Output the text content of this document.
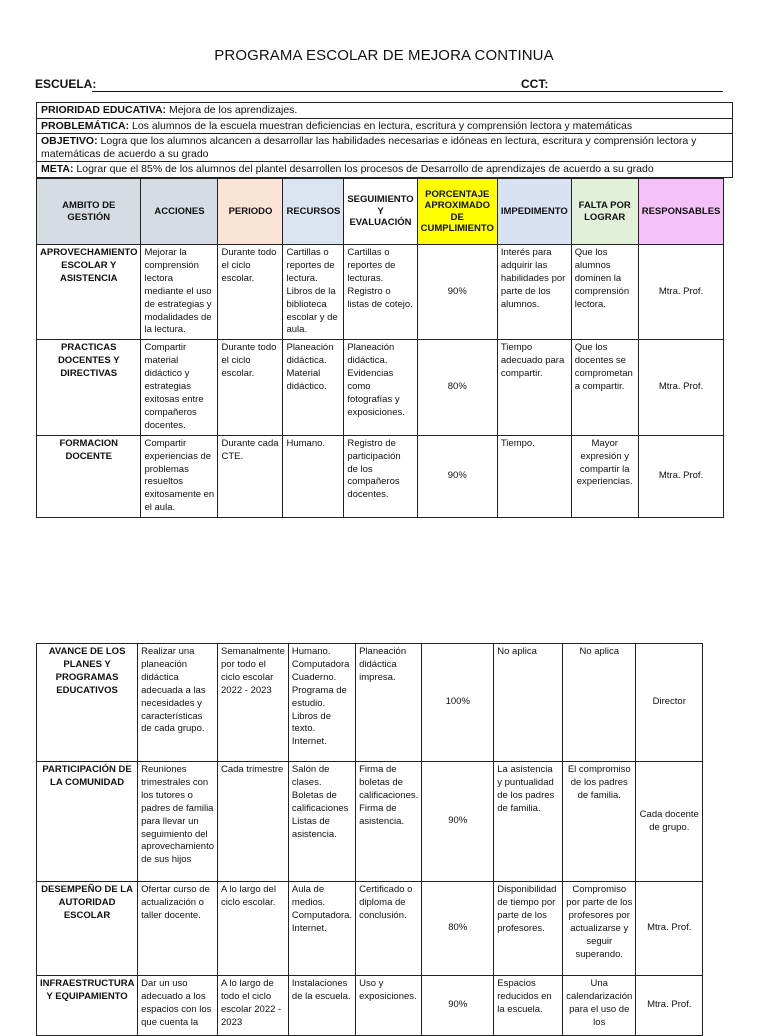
PROGRAMA ESCOLAR DE MEJORA CONTINUA
ESCUELA:	CCT:
PRIORIDAD EDUCATIVA: Mejora de los aprendizajes.
PROBLEMÁTICA: Los alumnos de la escuela muestran deficiencias en lectura, escritura y comprensión lectora y matemáticas
OBJETIVO: Logra que los alumnos alcancen a desarrollar las habilidades necesarias e idóneas en lectura, escritura y comprensión lectora y matemáticas de acuerdo a su grado
META: Lograr que el 85% de los alumnos del plantel desarrollen los procesos de Desarrollo de aprendizajes de acuerdo a su grado
AMBITO DE GESTIÓN	ACCIONES	PERIODO	RECURSOS	SEGUIMIENTO Y EVALUACIÓN	PORCENTAJE APROXIMADO DE CUMPLIMIENTO	IMPEDIMENTO	FALTA POR LOGRAR	RESPONSABLES
APROVECHAMIENTO ESCOLAR Y ASISTENCIA	Mejorar la comprensión lectora mediante el uso de estrategias y modalidades de la lectura.	Durante todo el ciclo escolar.	Cartillas o reportes de lectura. Libros de la biblioteca escolar y de aula.	Cartillas o reportes de lecturas. Registro o listas de cotejo.	90%	Interés para adquirir las habilidades por parte de los alumnos.	Que los alumnos dominen la comprensión lectora.	Mtra. Prof.
PRACTICAS DOCENTES Y DIRECTIVAS	Compartir material didáctico y estrategias exitosas entre compañeros docentes.	Durante todo el ciclo escolar.	Planeación didáctica. Material didáctico.	Planeación didáctica. Evidencias como fotografías y exposiciones.	80%	Tiempo adecuado para compartir.	Que los docentes se comprometan a compartir.	Mtra. Prof.
FORMACION DOCENTE	Compartir experiencias de problemas resueltos exitosamente en el aula.	Durante cada CTE.	Humano.	Registro de participación de los compañeros docentes.	90%	Tiempo.	Mayor expresión y compartir la experiencias.	Mtra. Prof.
AVANCE DE LOS PLANES Y PROGRAMAS EDUCATIVOS	Realizar una planeación didáctica adecuada a las necesidades y características de cada grupo.	Semanalmente por todo el ciclo escolar 2022 - 2023	Humano. Computadora Cuaderno. Programa de estudio. Libros de texto. Internet.	Planeación didáctica impresa.	100%	No aplica	No aplica	Director
PARTICIPACIÓN DE LA COMUNIDAD	Reuniones trimestrales con los tutores o padres de familia para llevar un seguimiento del aprovechamiento de sus hijos	Cada trimestre	Salón de clases. Boletas de calificaciones Listas de asistencia.	Firma de boletas de calificaciones. Firma de asistencia.	90%	La asistencia y puntualidad de los padres de familia.	El compromiso de los padres de familia.	Cada docente de grupo.
DESEMPEÑO DE LA AUTORIDAD ESCOLAR	Ofertar curso de actualización o taller docente.	A lo largo del ciclo escolar.	Aula de medios. Computadora. Internet.	Certificado o diploma de conclusión.	80%	Disponibilidad de tiempo por parte de los profesores.	Compromiso por parte de los profesores por actualizarse y seguir superando.	Mtra. Prof.
INFRAESTRUCTURA Y EQUIPAMIENTO	Dar un uso adecuado a los espacios con los que cuenta la	A lo largo de todo el ciclo escolar 2022 - 2023	Instalaciones de la escuela.	Uso y exposiciones.	90%	Espacios reducidos en la escuela.	Una calendarización para el uso de los	Mtra. Prof.
